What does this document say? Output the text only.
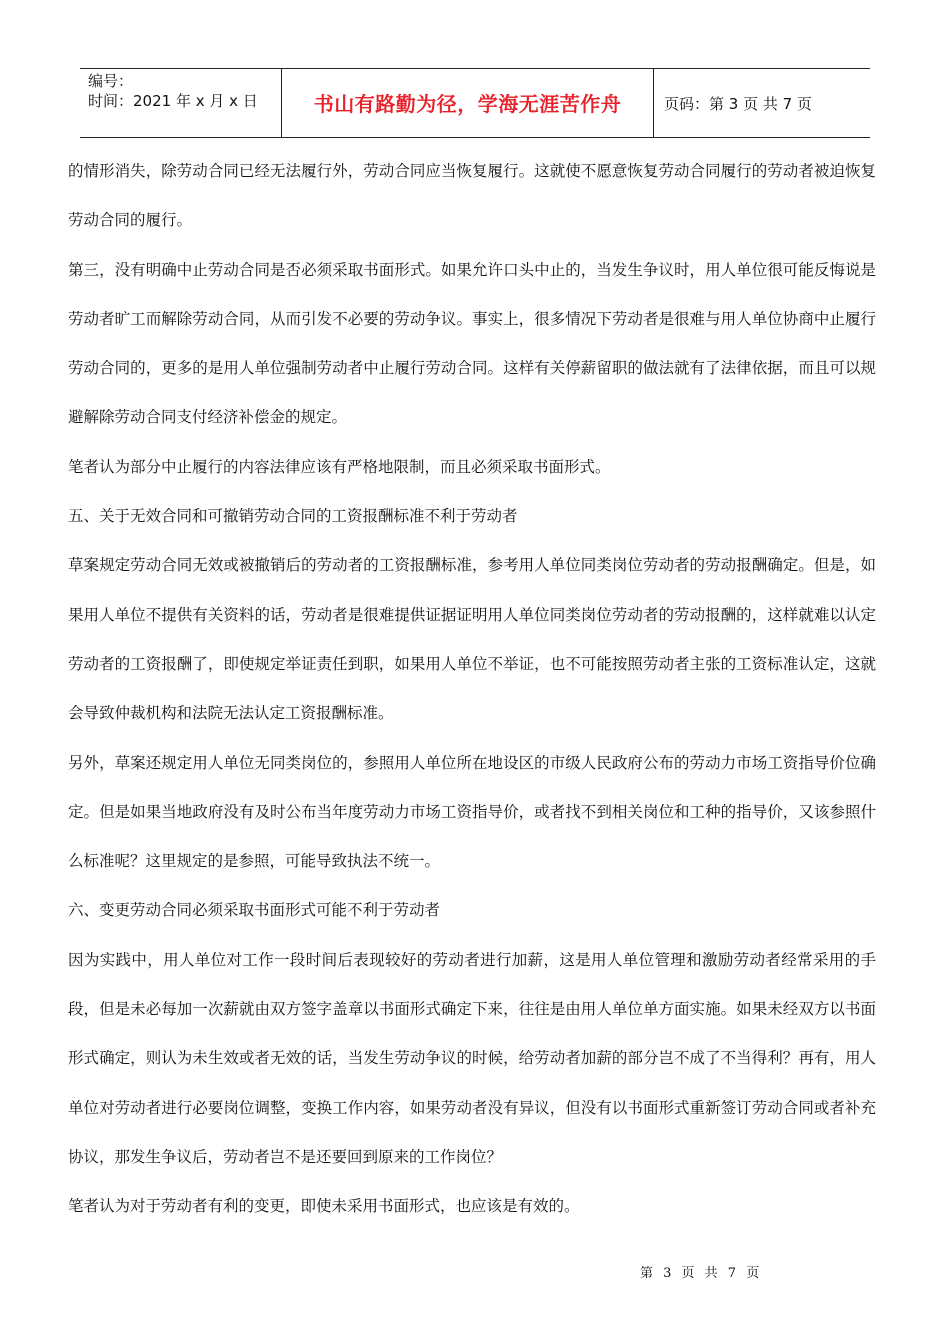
编号：
时间：2021 年 x 月 x 日	书山有路勤为径，学海无涯苦作舟	页码：第 3 页 共 7 页

的情形消失，除劳动合同已经无法履行外，劳动合同应当恢复履行。这就使不愿意恢复劳动合同履行的劳动者被迫恢复劳动合同的履行。

第三，没有明确中止劳动合同是否必须采取书面形式。如果允许口头中止的，当发生争议时，用人单位很可能反悔说是劳动者旷工而解除劳动合同，从而引发不必要的劳动争议。事实上，很多情况下劳动者是很难与用人单位协商中止履行劳动合同的，更多的是用人单位强制劳动者中止履行劳动合同。这样有关停薪留职的做法就有了法律依据，而且可以规避解除劳动合同支付经济补偿金的规定。

笔者认为部分中止履行的内容法律应该有严格地限制，而且必须采取书面形式。

五、关于无效合同和可撤销劳动合同的工资报酬标准不利于劳动者

草案规定劳动合同无效或被撤销后的劳动者的工资报酬标准，参考用人单位同类岗位劳动者的劳动报酬确定。但是，如果用人单位不提供有关资料的话，劳动者是很难提供证据证明用人单位同类岗位劳动者的劳动报酬的，这样就难以认定劳动者的工资报酬了，即使规定举证责任到职，如果用人单位不举证，也不可能按照劳动者主张的工资标准认定，这就会导致仲裁机构和法院无法认定工资报酬标准。

另外，草案还规定用人单位无同类岗位的，参照用人单位所在地设区的市级人民政府公布的劳动力市场工资指导价位确定。但是如果当地政府没有及时公布当年度劳动力市场工资指导价，或者找不到相关岗位和工种的指导价，又该参照什么标准呢？这里规定的是参照，可能导致执法不统一。

六、变更劳动合同必须采取书面形式可能不利于劳动者

因为实践中，用人单位对工作一段时间后表现较好的劳动者进行加薪，这是用人单位管理和激励劳动者经常采用的手段，但是未必每加一次薪就由双方签字盖章以书面形式确定下来，往往是由用人单位单方面实施。如果未经双方以书面形式确定，则认为未生效或者无效的话，当发生劳动争议的时候，给劳动者加薪的部分岂不成了不当得利？再有，用人单位对劳动者进行必要岗位调整，变换工作内容，如果劳动者没有异议，但没有以书面形式重新签订劳动合同或者补充协议，那发生争议后，劳动者岂不是还要回到原来的工作岗位？

笔者认为对于劳动者有利的变更，即使未采用书面形式，也应该是有效的。

第 3 页 共 7 页
